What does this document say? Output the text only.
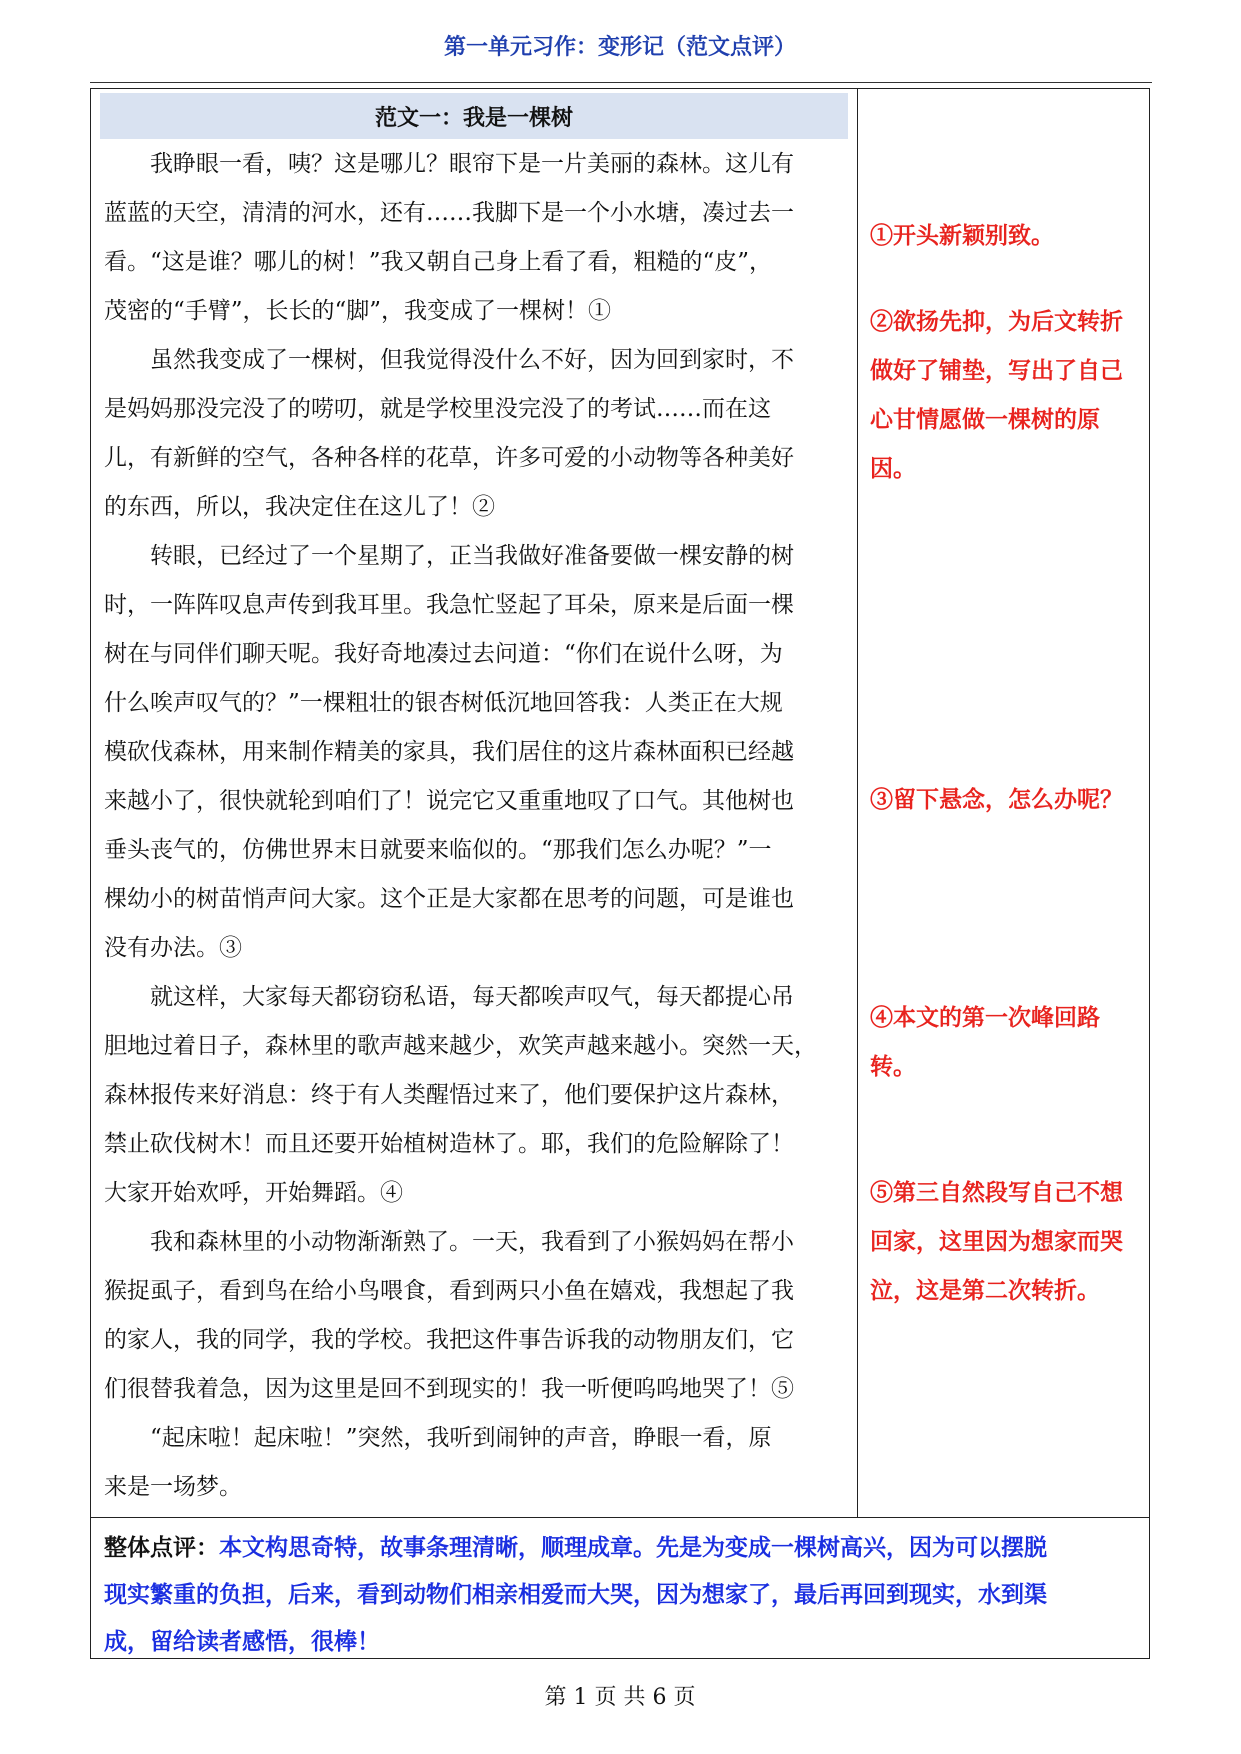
第一单元习作：变形记（范文点评）
范文一：我是一棵树

我睁眼一看，咦？这是哪儿？眼帘下是一片美丽的森林。这儿有
蓝蓝的天空，清清的河水，还有……我脚下是一个小水塘，凑过去一
看。“这是谁？哪儿的树！”我又朝自己身上看了看，粗糙的“皮”，
茂密的“手臂”，长长的“脚”，我变成了一棵树！①

虽然我变成了一棵树，但我觉得没什么不好，因为回到家时，不
是妈妈那没完没了的唠叨，就是学校里没完没了的考试……而在这
儿，有新鲜的空气，各种各样的花草，许多可爱的小动物等各种美好
的东西，所以，我决定住在这儿了！②

转眼，已经过了一个星期了，正当我做好准备要做一棵安静的树
时，一阵阵叹息声传到我耳里。我急忙竖起了耳朵，原来是后面一棵
树在与同伴们聊天呢。我好奇地凑过去问道：“你们在说什么呀，为
什么唉声叹气的？”一棵粗壮的银杏树低沉地回答我：人类正在大规
模砍伐森林，用来制作精美的家具，我们居住的这片森林面积已经越
来越小了，很快就轮到咱们了！说完它又重重地叹了口气。其他树也
垂头丧气的，仿佛世界末日就要来临似的。“那我们怎么办呢？”一
棵幼小的树苗悄声问大家。这个正是大家都在思考的问题，可是谁也
没有办法。③

就这样，大家每天都窃窃私语，每天都唉声叹气，每天都提心吊
胆地过着日子，森林里的歌声越来越少，欢笑声越来越小。突然一天，
森林报传来好消息：终于有人类醒悟过来了，他们要保护这片森林，
禁止砍伐树木！而且还要开始植树造林了。耶，我们的危险解除了！
大家开始欢呼，开始舞蹈。④

我和森林里的小动物渐渐熟了。一天，我看到了小猴妈妈在帮小
猴捉虱子，看到鸟在给小鸟喂食，看到两只小鱼在嬉戏，我想起了我
的家人，我的同学，我的学校。我把这件事告诉我的动物朋友们，它
们很替我着急，因为这里是回不到现实的！我一听便呜呜地哭了！⑤

“起床啦！起床啦！”突然，我听到闹钟的声音，睁眼一看，原
来是一场梦。

①开头新颖别致。

②欲扬先抑，为后文转折
做好了铺垫，写出了自己
心甘情愿做一棵树的原
因。

③留下悬念，怎么办呢？

④本文的第一次峰回路
转。

⑤第三自然段写自己不想
回家，这里因为想家而哭
泣，这是第二次转折。

整体点评：本文构思奇特，故事条理清晰，顺理成章。先是为变成一棵树高兴，因为可以摆脱
现实繁重的负担，后来，看到动物们相亲相爱而大哭，因为想家了，最后再回到现实，水到渠
成，留给读者感悟，很棒！
第 1 页 共 6 页
